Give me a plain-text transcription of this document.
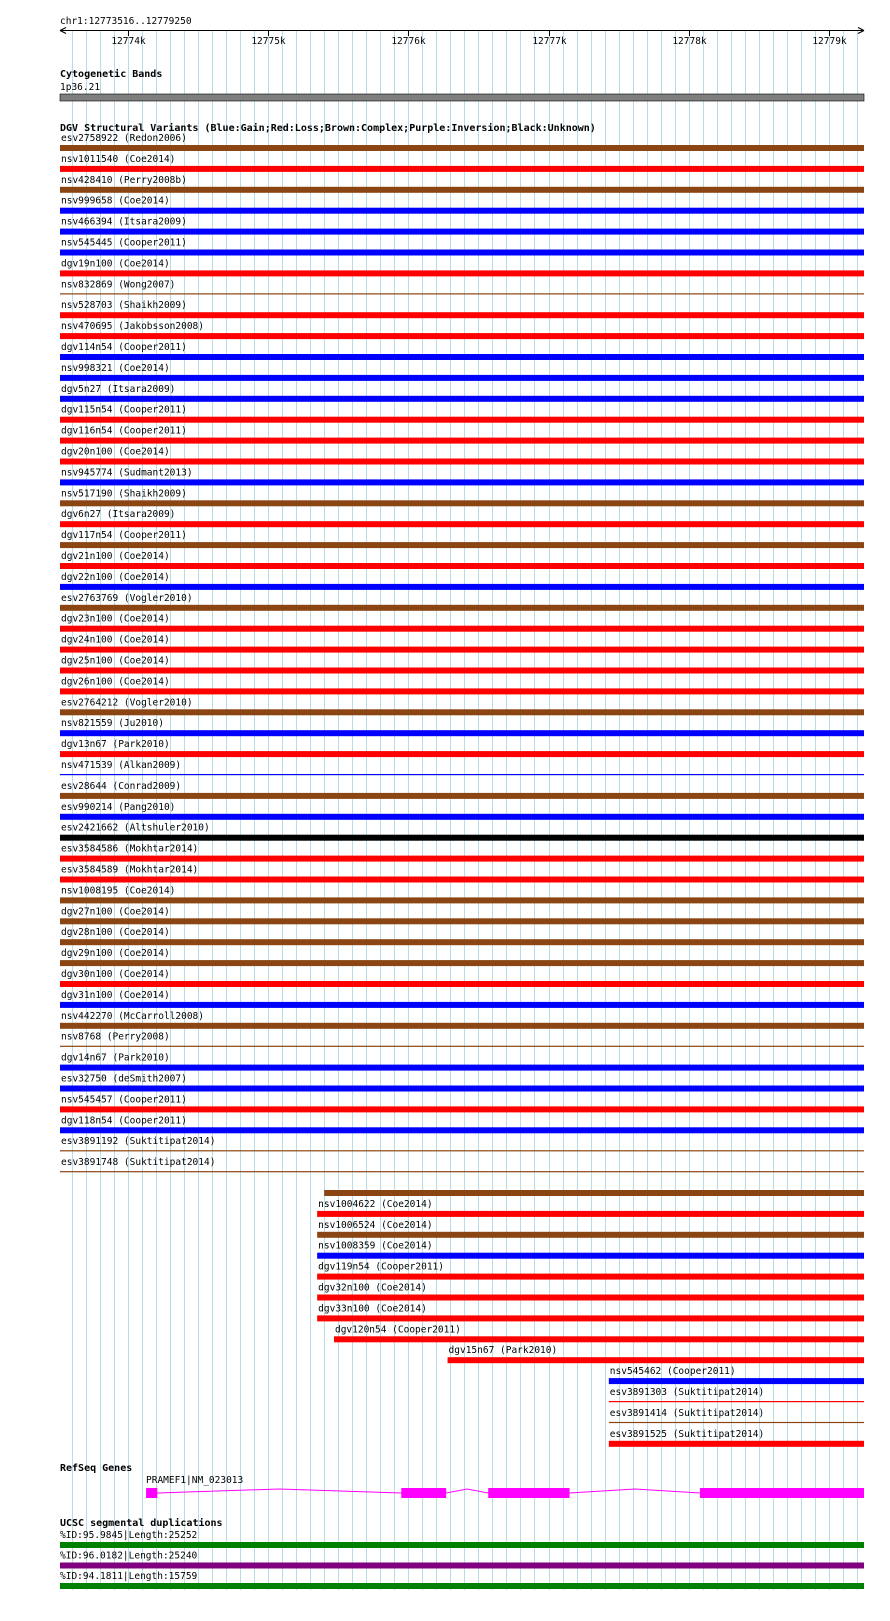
chr1:12773516..12779250
12774k	12775k	12776k	12777k	12778k	12779k
Cytogenetic Bands
1p36.21
DGV Structural Variants (Blue:Gain;Red:Loss;Brown:Complex;Purple:Inversion;Black:Unknown)
esv2758922 (Redon2006)
nsv1011540 (Coe2014)
nsv428410 (Perry2008b)
nsv999658 (Coe2014)
nsv466394 (Itsara2009)
nsv545445 (Cooper2011)
dgv19n100 (Coe2014)
nsv832869 (Wong2007)
nsv528703 (Shaikh2009)
nsv470695 (Jakobsson2008)
dgv114n54 (Cooper2011)
nsv998321 (Coe2014)
dgv5n27 (Itsara2009)
dgv115n54 (Cooper2011)
dgv116n54 (Cooper2011)
dgv20n100 (Coe2014)
nsv945774 (Sudmant2013)
nsv517190 (Shaikh2009)
dgv6n27 (Itsara2009)
dgv117n54 (Cooper2011)
dgv21n100 (Coe2014)
dgv22n100 (Coe2014)
esv2763769 (Vogler2010)
dgv23n100 (Coe2014)
dgv24n100 (Coe2014)
dgv25n100 (Coe2014)
dgv26n100 (Coe2014)
esv2764212 (Vogler2010)
nsv821559 (Ju2010)
dgv13n67 (Park2010)
nsv471539 (Alkan2009)
esv28644 (Conrad2009)
esv990214 (Pang2010)
esv2421662 (Altshuler2010)
esv3584586 (Mokhtar2014)
esv3584589 (Mokhtar2014)
nsv1008195 (Coe2014)
dgv27n100 (Coe2014)
dgv28n100 (Coe2014)
dgv29n100 (Coe2014)
dgv30n100 (Coe2014)
dgv31n100 (Coe2014)
nsv442270 (McCarroll2008)
nsv8768 (Perry2008)
dgv14n67 (Park2010)
esv32750 (deSmith2007)
nsv545457 (Cooper2011)
dgv118n54 (Cooper2011)
esv3891192 (Suktitipat2014)
esv3891748 (Suktitipat2014)
nsv1004622 (Coe2014)
nsv1006524 (Coe2014)
nsv1008359 (Coe2014)
dgv119n54 (Cooper2011)
dgv32n100 (Coe2014)
dgv33n100 (Coe2014)
dgv120n54 (Cooper2011)
dgv15n67 (Park2010)
nsv545462 (Cooper2011)
esv3891303 (Suktitipat2014)
esv3891414 (Suktitipat2014)
esv3891525 (Suktitipat2014)
RefSeq Genes
PRAMEF1|NM_023013
UCSC segmental duplications
%ID:95.9845|Length:25252
%ID:96.0182|Length:25240
%ID:94.1811|Length:15759
